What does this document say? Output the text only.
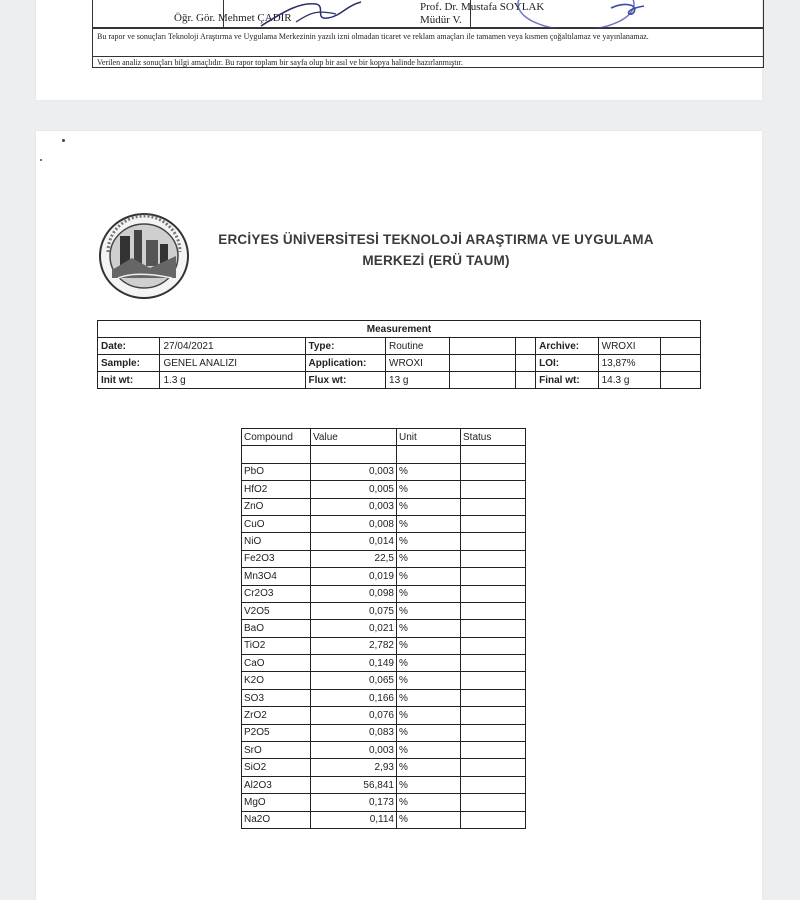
Öğr. Gör. Mehmet ÇADIR
Prof. Dr. Mustafa SOYLAK
Müdür V.
Bu rapor ve sonuçları Teknoloji Araştırma ve Uygulama Merkezinin yazılı izni olmadan ticaret ve reklam amaçları ile tamamen veya kısmen çoğaltılamaz ve yayınlanamaz.
Verilen analiz sonuçları bilgi amaçlıdır. Bu rapor toplam bir sayfa olup bir asıl ve bir kopya halinde hazırlanmıştır.
ERCİYES ÜNİVERSİTESİ TEKNOLOJİ ARAŞTIRMA VE UYGULAMA
MERKEZİ (ERÜ TAUM)
Measurement								
Date:	27/04/2021	Type:	Routine			Archive:	WROXI	
Sample:	GENEL ANALIZI	Application:	WROXI			LOI:	13,87%	
Init wt:	1.3 g	Flux wt:	13 g			Final wt:	14.3 g	
Compound	Value	Unit	Status

PbO	0,003	%	
HfO2	0,005	%	
ZnO	0,003	%	
CuO	0,008	%	
NiO	0,014	%	
Fe2O3	22,5	%	
Mn3O4	0,019	%	
Cr2O3	0,098	%	
V2O5	0,075	%	
BaO	0,021	%	
TiO2	2,782	%	
CaO	0,149	%	
K2O	0,065	%	
SO3	0,166	%	
ZrO2	0,076	%	
P2O5	0,083	%	
SrO	0,003	%	
SiO2	2,93	%	
Al2O3	56,841	%	
MgO	0,173	%	
Na2O	0,114	%	
